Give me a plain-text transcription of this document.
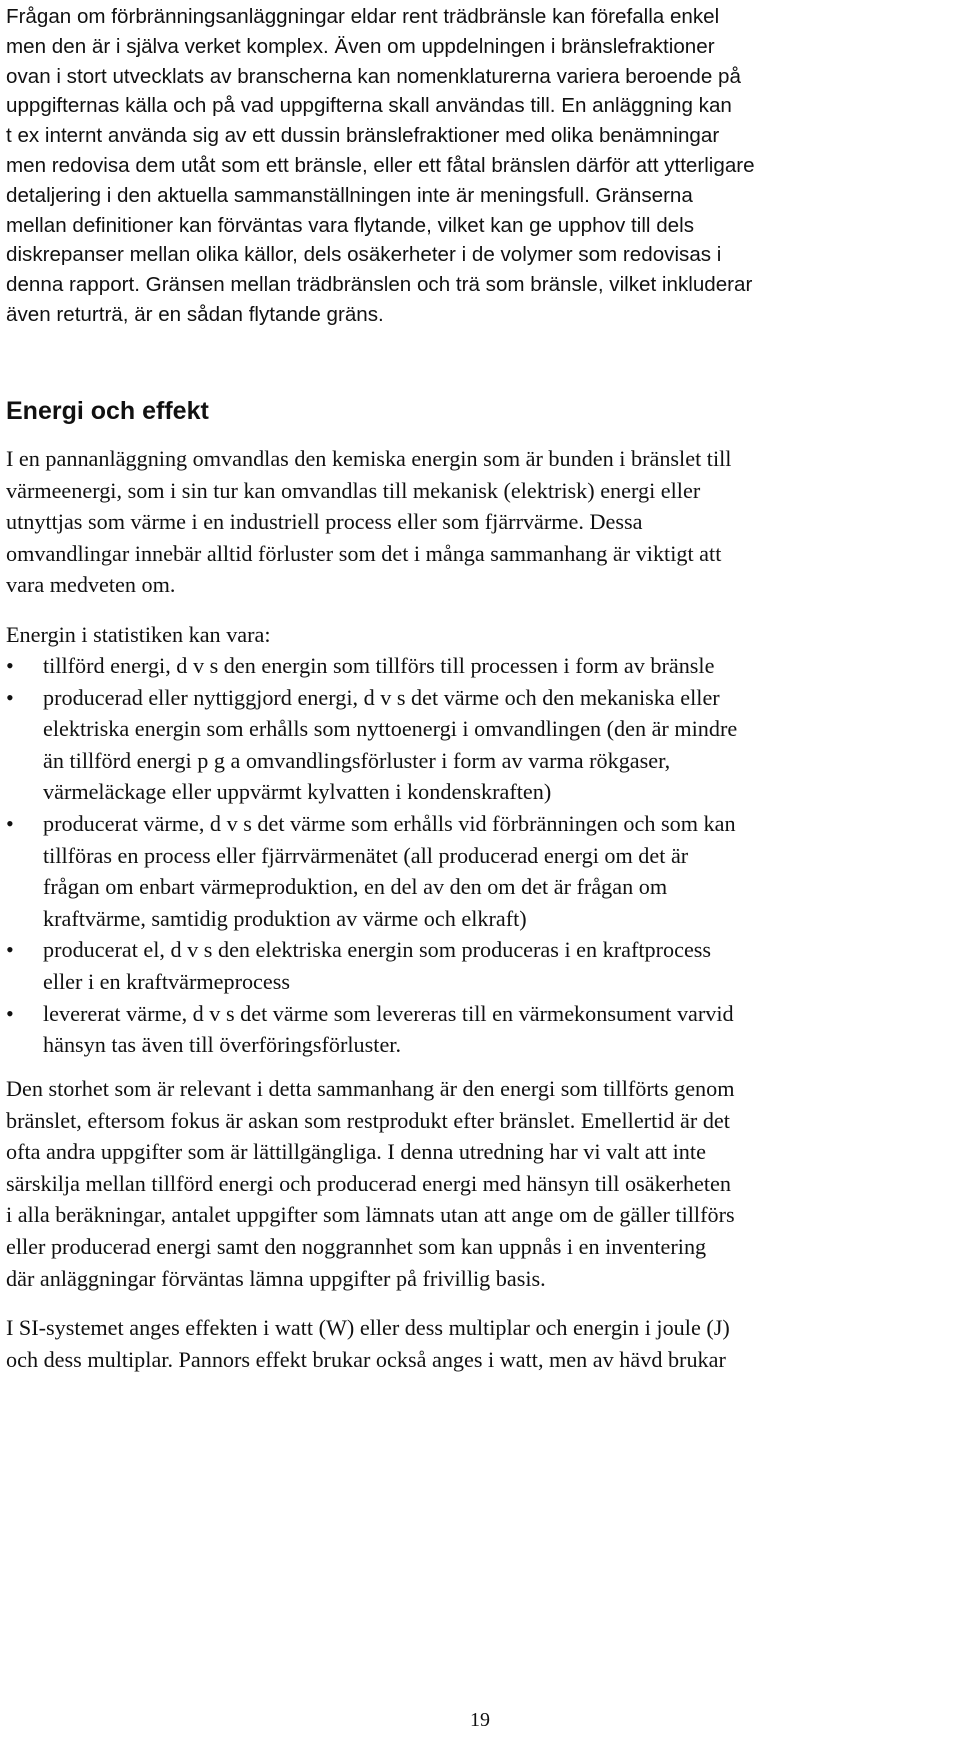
Frågan om förbränningsanläggningar eldar rent trädbränsle kan förefalla enkel
men den är i själva verket komplex. Även om uppdelningen i bränslefraktioner
ovan i stort utvecklats av branscherna kan nomenklaturerna variera beroende på
uppgifternas källa och på vad uppgifterna skall användas till. En anläggning kan
t ex internt använda sig av ett dussin bränslefraktioner med olika benämningar
men redovisa dem utåt som ett bränsle, eller ett fåtal bränslen därför att ytterligare
detaljering i den aktuella sammanställningen inte är meningsfull. Gränserna
mellan definitioner kan förväntas vara flytande, vilket kan ge upphov till dels
diskrepanser mellan olika källor, dels osäkerheter i de volymer som redovisas i
denna rapport. Gränsen mellan trädbränslen och trä som bränsle, vilket inkluderar
även returträ, är en sådan flytande gräns.

Energi och effekt

I en pannanläggning omvandlas den kemiska energin som är bunden i bränslet till
värmeenergi, som i sin tur kan omvandlas till mekanisk (elektrisk) energi eller
utnyttjas som värme i en industriell process eller som fjärrvärme. Dessa
omvandlingar innebär alltid förluster som det i många sammanhang är viktigt att
vara medveten om.

Energin i statistiken kan vara:

• tillförd energi, d v s den energin som tillförs till processen i form av bränsle
• producerad eller nyttiggjord energi, d v s det värme och den mekaniska eller
elektriska energin som erhålls som nyttoenergi i omvandlingen (den är mindre
än tillförd energi p g a omvandlingsförluster i form av varma rökgaser,
värmeläckage eller uppvärmt kylvatten i kondenskraften)
• producerat värme, d v s det värme som erhålls vid förbränningen och som kan
tillföras en process eller fjärrvärmenätet (all producerad energi om det är
frågan om enbart värmeproduktion, en del av den om det är frågan om
kraftvärme, samtidig produktion av värme och elkraft)
• producerat el, d v s den elektriska energin som produceras i en kraftprocess
eller i en kraftvärmeprocess
• levererat värme, d v s det värme som levereras till en värmekonsument varvid
hänsyn tas även till överföringsförluster.

Den storhet som är relevant i detta sammanhang är den energi som tillförts genom
bränslet, eftersom fokus är askan som restprodukt efter bränslet. Emellertid är det
ofta andra uppgifter som är lättillgängliga. I denna utredning har vi valt att inte
särskilja mellan tillförd energi och producerad energi med hänsyn till osäkerheten
i alla beräkningar, antalet uppgifter som lämnats utan att ange om de gäller tillförs
eller producerad energi samt den noggrannhet som kan uppnås i en inventering
där anläggningar förväntas lämna uppgifter på frivillig basis.

I SI-systemet anges effekten i watt (W) eller dess multiplar och energin i joule (J)
och dess multiplar. Pannors effekt brukar också anges i watt, men av hävd brukar

19
